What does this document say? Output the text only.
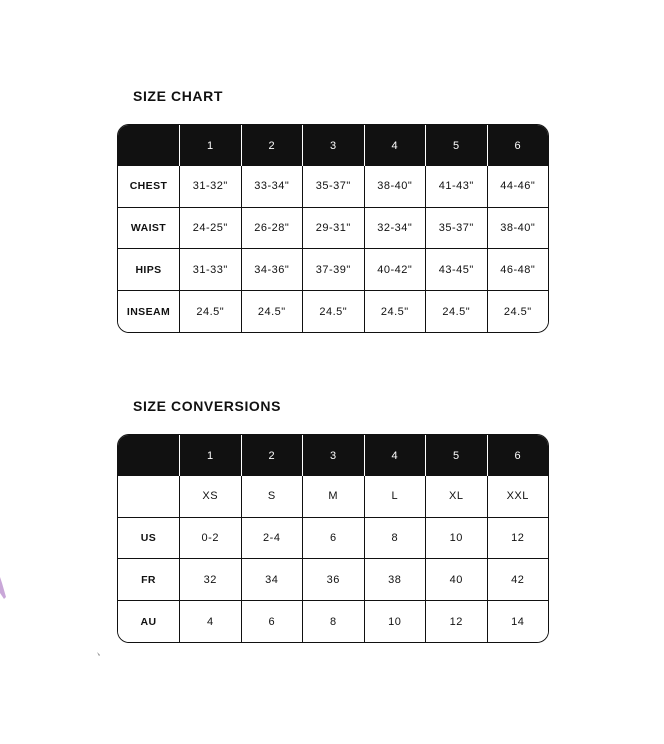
SIZE CHART
	1	2	3	4	5	6
CHEST	31-32"	33-34"	35-37"	38-40"	41-43"	44-46"
WAIST	24-25"	26-28"	29-31"	32-34"	35-37"	38-40"
HIPS	31-33"	34-36"	37-39"	40-42"	43-45"	46-48"
INSEAM	24.5"	24.5"	24.5"	24.5"	24.5"	24.5"
SIZE CONVERSIONS
	1	2	3	4	5	6
	XS	S	M	L	XL	XXL
US	0-2	2-4	6	8	10	12
FR	32	34	36	38	40	42
AU	4	6	8	10	12	14
